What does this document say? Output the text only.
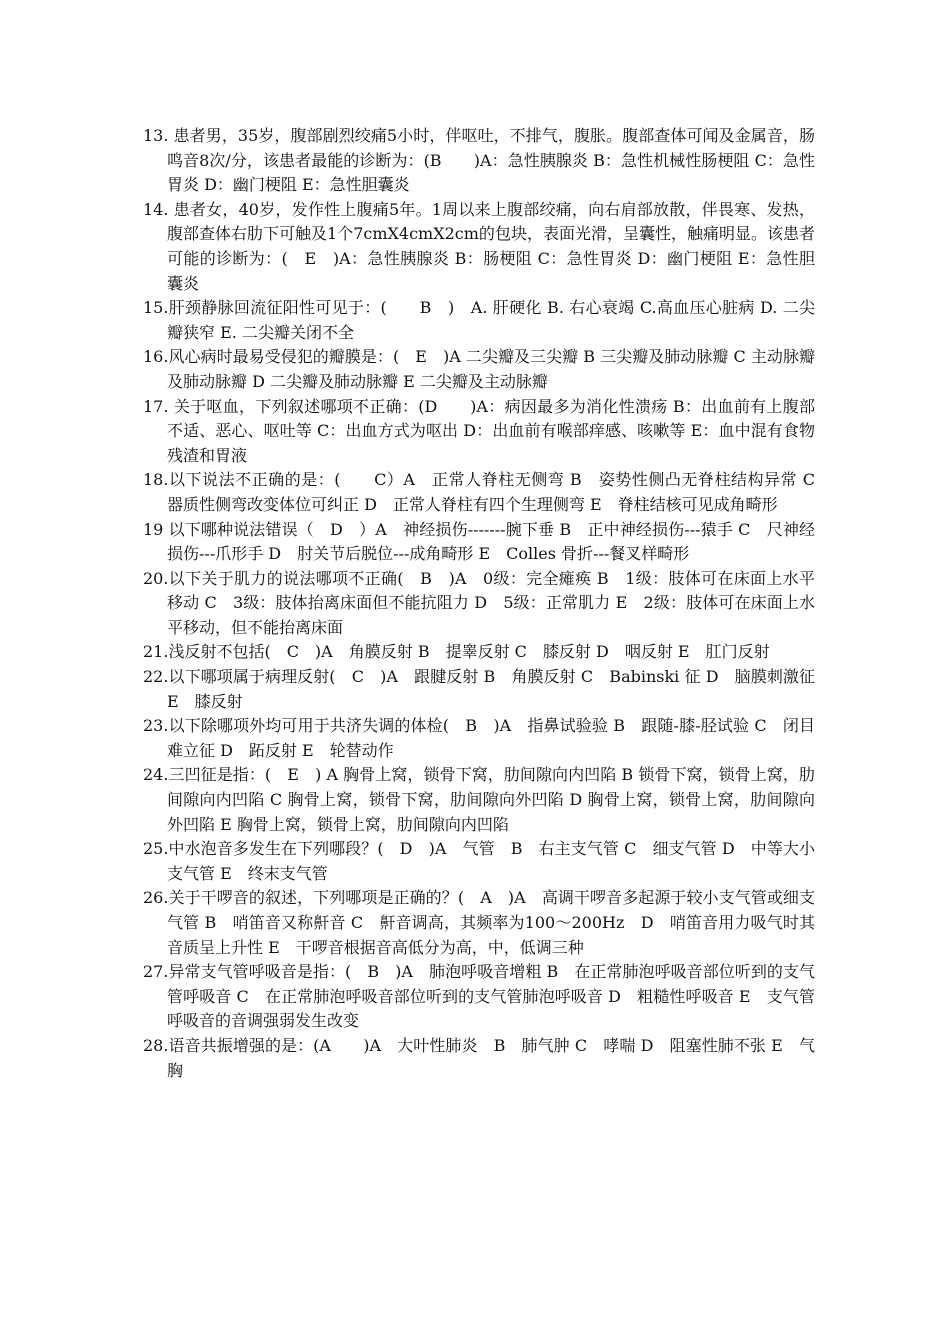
13. 患者男，35岁，腹部剧烈绞痛5小时，伴呕吐，不排气，腹胀。腹部查体可闻及金属音，肠鸣音8次/分，该患者最能的诊断为：(B　　)A：急性胰腺炎 B：急性机械性肠梗阻 C：急性胃炎 D：幽门梗阻 E：急性胆囊炎

14. 患者女，40岁，发作性上腹痛5年。1周以来上腹部绞痛，向右肩部放散，伴畏寒、发热，腹部查体右肋下可触及1个7cmX4cmX2cm的包块，表面光滑，呈囊性，触痛明显。该患者可能的诊断为：(　E　)A：急性胰腺炎 B：肠梗阻 C：急性胃炎 D：幽门梗阻 E：急性胆囊炎

15.肝颈静脉回流征阳性可见于：(　　B　)　A. 肝硬化 B. 右心衰竭 C.高血压心脏病 D. 二尖瓣狭窄 E. 二尖瓣关闭不全

16.风心病时最易受侵犯的瓣膜是：(　E　)A 二尖瓣及三尖瓣 B 三尖瓣及肺动脉瓣 C 主动脉瓣及肺动脉瓣 D 二尖瓣及肺动脉瓣 E 二尖瓣及主动脉瓣

17. 关于呕血，下列叙述哪项不正确：(D　　)A：病因最多为消化性溃疡 B：出血前有上腹部不适、恶心、呕吐等 C：出血方式为呕出 D：出血前有喉部痒感、咳嗽等 E：血中混有食物残渣和胃液

18.以下说法不正确的是：(　　C）A　正常人脊柱无侧弯 B　姿势性侧凸无脊柱结构异常 C　器质性侧弯改变体位可纠正 D　正常人脊柱有四个生理侧弯 E　脊柱结核可见成角畸形

19 以下哪种说法错误（　D　）A　神经损伤-------腕下垂 B　正中神经损伤---猿手 C　尺神经损伤---爪形手 D　肘关节后脱位---成角畸形 E　Colles 骨折---餐叉样畸形

20.以下关于肌力的说法哪项不正确(　B　)A　0级：完全瘫痪 B　1级：肢体可在床面上水平移动 C　3级：肢体抬离床面但不能抗阻力 D　5级：正常肌力 E　2级：肢体可在床面上水平移动，但不能抬离床面

21.浅反射不包括(　C　)A　角膜反射 B　提睾反射 C　膝反射 D　咽反射 E　肛门反射

22.以下哪项属于病理反射(　C　)A　跟腱反射 B　角膜反射 C　Babinski 征 D　脑膜刺激征 E　膝反射

23.以下除哪项外均可用于共济失调的体检(　B　)A　指鼻试验验 B　跟随-膝-胫试验 C　闭目难立征 D　跖反射 E　轮替动作

24.三凹征是指：(　E　) A 胸骨上窝，锁骨下窝，肋间隙向内凹陷 B 锁骨下窝，锁骨上窝，肋间隙向内凹陷 C 胸骨上窝，锁骨下窝，肋间隙向外凹陷 D 胸骨上窝，锁骨上窝，肋间隙向外凹陷 E 胸骨上窝，锁骨上窝，肋间隙向内凹陷

25.中水泡音多发生在下列哪段？(　D　)A　气管　B　右主支气管 C　细支气管 D　中等大小支气管 E　终末支气管

26.关于干啰音的叙述，下列哪项是正确的？(　A　)A　高调干啰音多起源于较小支气管或细支气管 B　哨笛音又称鼾音 C　鼾音调高，其频率为100～200Hz　D　哨笛音用力吸气时其音质呈上升性 E　干啰音根据音高低分为高，中，低调三种

27.异常支气管呼吸音是指：(　B　)A　肺泡呼吸音增粗 B　在正常肺泡呼吸音部位听到的支气管呼吸音 C　在正常肺泡呼吸音部位听到的支气管肺泡呼吸音 D　粗糙性呼吸音 E　支气管呼吸音的音调强弱发生改变

28.语音共振增强的是：(A　　)A　大叶性肺炎　B　肺气肿 C　哮喘 D　阻塞性肺不张 E　气胸
